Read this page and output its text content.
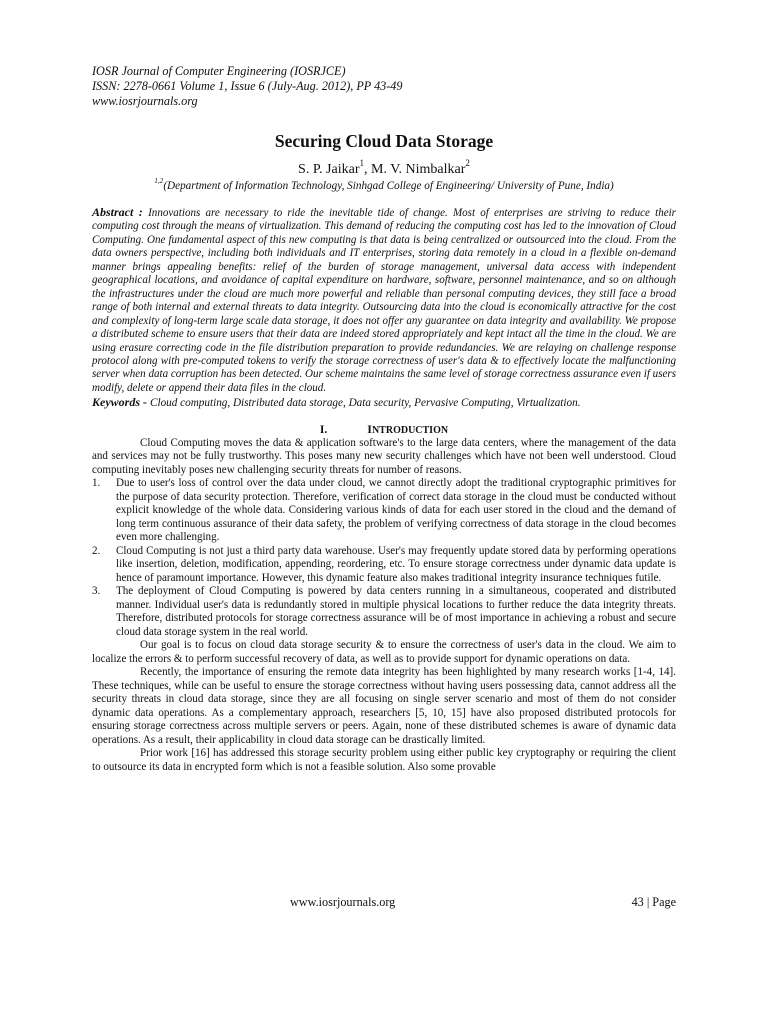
IOSR Journal of Computer Engineering (IOSRJCE)
ISSN: 2278-0661 Volume 1, Issue 6 (July-Aug. 2012), PP 43-49
www.iosrjournals.org
Securing Cloud Data Storage
S. P. Jaikar$^1$, M. V. Nimbalkar$^2$
$^{1,2}$(Department of Information Technology, Sinhgad College of Engineering/ University of Pune, India)
Abstract : Innovations are necessary to ride the inevitable tide of change. Most of enterprises are striving to reduce their computing cost through the means of virtualization. This demand of reducing the computing cost has led to the innovation of Cloud Computing. One fundamental aspect of this new computing is that data is being centralized or outsourced into the cloud. From the data owners perspective, including both individuals and IT enterprises, storing data remotely in a cloud in a flexible on-demand manner brings appealing benefits: relief of the burden of storage management, universal data access with independent geographical locations, and avoidance of capital expenditure on hardware, software, personnel maintenance, and so on although the infrastructures under the cloud are much more powerful and reliable than personal computing devices, they still face a broad range of both internal and external threats to data integrity. Outsourcing data into the cloud is economically attractive for the cost and complexity of long-term large scale data storage, it does not offer any guarantee on data integrity and availability. We propose a distributed scheme to ensure users that their data are indeed stored appropriately and kept intact all the time in the cloud. We are using erasure correcting code in the file distribution preparation to provide redundancies. We are relaying on challenge response protocol along with pre-computed tokens to verify the storage correctness of user's data & to effectively locate the malfunctioning server when data corruption has been detected. Our scheme maintains the same level of storage correctness assurance even if users modify, delete or append their data files in the cloud.
Keywords - Cloud computing, Distributed data storage, Data security, Pervasive Computing, Virtualization.
I.	INTRODUCTION

Cloud Computing moves the data & application software's to the large data centers, where the management of the data and services may not be fully trustworthy. This poses many new security challenges which have not been well understood. Cloud computing inevitably poses new challenging security threats for number of reasons.

1.	Due to user's loss of control over the data under cloud, we cannot directly adopt the traditional cryptographic primitives for the purpose of data security protection. Therefore, verification of correct data storage in the cloud must be conducted without explicit knowledge of the whole data. Considering various kinds of data for each user stored in the cloud and the demand of long term continuous assurance of their data safety, the problem of verifying correctness of data storage in the cloud becomes even more challenging.
2.	Cloud Computing is not just a third party data warehouse. User's may frequently update stored data by performing operations like insertion, deletion, modification, appending, reordering, etc. To ensure storage correctness under dynamic data update is hence of paramount importance. However, this dynamic feature also makes traditional integrity insurance techniques futile.
3.	The deployment of Cloud Computing is powered by data centers running in a simultaneous, cooperated and distributed manner. Individual user's data is redundantly stored in multiple physical locations to further reduce the data integrity threats. Therefore, distributed protocols for storage correctness assurance will be of most importance in achieving a robust and secure cloud data storage system in the real world.

Our goal is to focus on cloud data storage security & to ensure the correctness of user's data in the cloud. We aim to localize the errors & to perform successful recovery of data, as well as to provide support for dynamic operations on data.

Recently, the importance of ensuring the remote data integrity has been highlighted by many research works [1-4, 14]. These techniques, while can be useful to ensure the storage correctness without having users possessing data, cannot address all the security threats in cloud data storage, since they are all focusing on single server scenario and most of them do not consider dynamic data operations. As a complementary approach, researchers [5, 10, 15] have also proposed distributed protocols for ensuring storage correctness across multiple servers or peers. Again, none of these distributed schemes is aware of dynamic data operations. As a result, their applicability in cloud data storage can be drastically limited.

Prior work [16] has addressed this storage security problem using either public key cryptography or requiring the client to outsource its data in encrypted form which is not a feasible solution. Also some provable

www.iosrjournals.org	43 | Page
